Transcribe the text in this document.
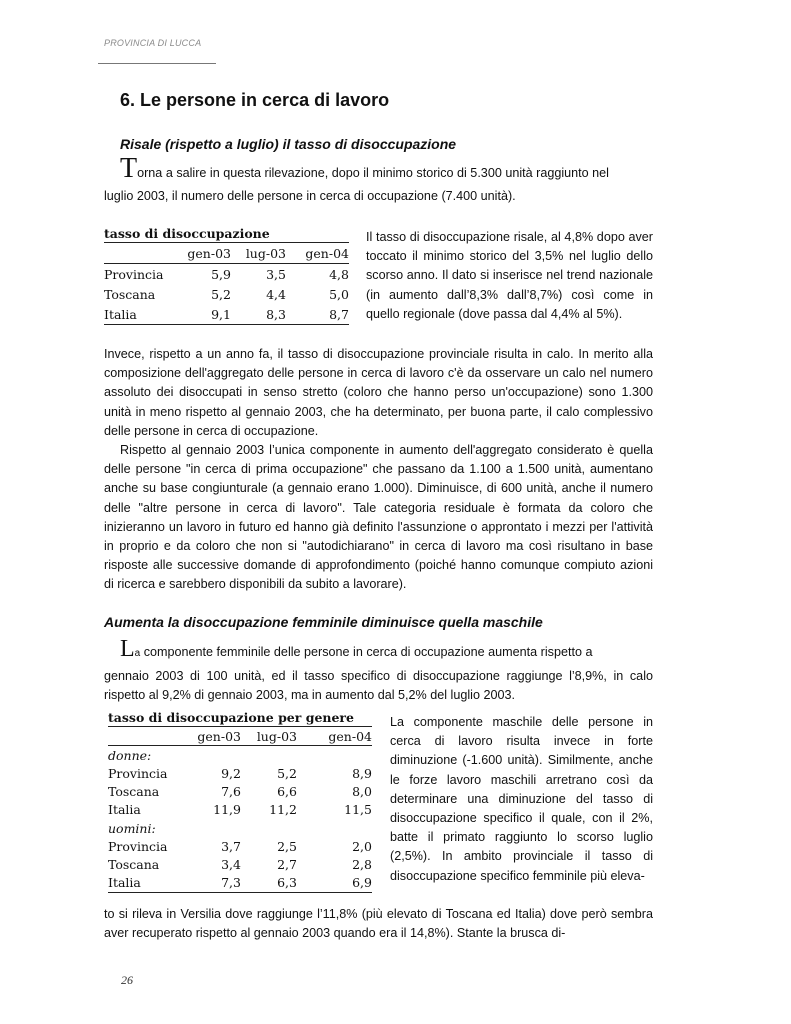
PROVINCIA DI LUCCA
6. Le persone in cerca di lavoro
Risale (rispetto a luglio) il tasso di disoccupazione

Torna a salire in questa rilevazione, dopo il minimo storico di 5.300 unità raggiunto nel

luglio 2003, il numero delle persone in cerca di occupazione (7.400 unità).

tasso di disoccupazione			
	gen-03	lug-03	gen-04
Provincia	5,9	3,5	4,8
Toscana	5,2	4,4	5,0
Italia	9,1	8,3	8,7

Il tasso di disoccupazione risale, al 4,8% dopo aver toccato il minimo storico del 3,5% nel luglio dello scorso anno. Il dato si inserisce nel trend nazionale (in aumento dall’8,3% dall’8,7%) così come in quello regionale (dove passa dal 4,4% al 5%).

Invece, rispetto a un anno fa, il tasso di disoccupazione provinciale risulta in calo. In merito alla composizione dell'aggregato delle persone in cerca di lavoro c'è da osservare un calo nel numero assoluto dei disoccupati in senso stretto (coloro che hanno perso un'occupazione) sono 1.300 unità in meno rispetto al gennaio 2003, che ha determinato, per buona parte, il calo complessivo delle persone in cerca di occupazione.

Rispetto al gennaio 2003 l’unica componente in aumento dell'aggregato considerato è quella delle persone "in cerca di prima occupazione" che passano da 1.100 a 1.500 unità, aumentano anche su base congiunturale (a gennaio erano 1.000). Diminuisce, di 600 unità, anche il numero delle "altre persone in cerca di lavoro". Tale categoria residuale è formata da coloro che inizieranno un lavoro in futuro ed hanno già definito l'assunzione o approntato i mezzi per l'attività in proprio e da coloro che non si "autodichiarano" in cerca di lavoro ma così risultano in base risposte alle successive domande di approfondimento (poiché hanno comunque compiuto azioni di ricerca e sarebbero disponibili da subito a lavorare).

Aumenta la disoccupazione femminile diminuisce quella maschile

La componente femminile delle persone in cerca di occupazione aumenta rispetto a

gennaio 2003 di 100 unità, ed il tasso specifico di disoccupazione raggiunge l’8,9%, in calo rispetto al 9,2% di gennaio 2003, ma in aumento dal 5,2% del luglio 2003.

tasso di disoccupazione per genere			
	gen-03	lug-03	gen-04
donne:			
Provincia	9,2	5,2	8,9
Toscana	7,6	6,6	8,0
Italia	11,9	11,2	11,5
uomini:			
Provincia	3,7	2,5	2,0
Toscana	3,4	2,7	2,8
Italia	7,3	6,3	6,9

La componente maschile delle persone in cerca di lavoro risulta invece in forte diminuzione (-1.600 unità). Similmente, anche le forze lavoro maschili arretrano così da determinare una diminuzione del tasso di disoccupazione specifico il quale, con il 2%, batte il primato raggiunto lo scorso luglio (2,5%). In ambito provinciale il tasso di disoccupazione specifico femminile più eleva-

to si rileva in Versilia dove raggiunge l’11,8% (più elevato di Toscana ed Italia) dove però sembra aver recuperato rispetto al gennaio 2003 quando era il 14,8%). Stante la brusca di-

26
